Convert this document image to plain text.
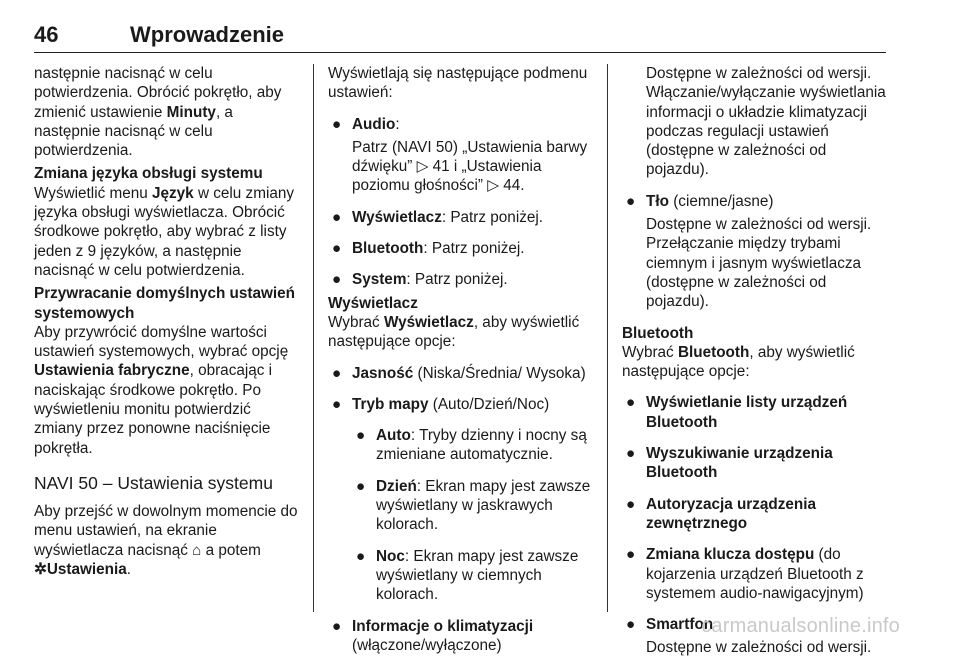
46	Wprowadzenie

następnie nacisnąć w celu potwierdzenia. Obrócić pokrętło, aby zmienić ustawienie Minuty, a następnie nacisnąć w celu potwierdzenia.

Zmiana języka obsługi systemu

Wyświetlić menu Język w celu zmiany języka obsługi wyświetlacza. Obrócić środkowe pokrętło, aby wybrać z listy jeden z 9 języków, a następnie nacisnąć w celu potwierdzenia.

Przywracanie domyślnych ustawień systemowych

Aby przywrócić domyślne wartości ustawień systemowych, wybrać opcję Ustawienia fabryczne, obracając i naciskając środkowe pokrętło. Po wyświetleniu monitu potwierdzić zmiany przez ponowne naciśnięcie pokrętła.

NAVI 50 – Ustawienia systemu

Aby przejść w dowolnym momencie do menu ustawień, na ekranie wyświetlacza nacisnąć ⌂ a potem ✲Ustawienia.

Wyświetlają się następujące podmenu ustawień:

● Audio:

Patrz (NAVI 50) „Ustawienia barwy dźwięku” ▷ 41 i „Ustawienia poziomu głośności” ▷ 44.

● Wyświetlacz: Patrz poniżej.

● Bluetooth: Patrz poniżej.

● System: Patrz poniżej.

Wyświetlacz

Wybrać Wyświetlacz, aby wyświetlić następujące opcje:

● Jasność (Niska/Średnia/ Wysoka)

● Tryb mapy (Auto/Dzień/Noc)

● Auto: Tryby dzienny i nocny są zmieniane automatycznie.

● Dzień: Ekran mapy jest zawsze wyświetlany w jaskrawych kolorach.

● Noc: Ekran mapy jest zawsze wyświetlany w ciemnych kolorach.

● Informacje o klimatyzacji
(włączone/wyłączone)

Dostępne w zależności od wersji. Włączanie/wyłączanie wyświetlania informacji o układzie klimatyzacji podczas regulacji ustawień (dostępne w zależności od pojazdu).

● Tło (ciemne/jasne)

Dostępne w zależności od wersji. Przełączanie między trybami ciemnym i jasnym wyświetlacza (dostępne w zależności od pojazdu).

Bluetooth

Wybrać Bluetooth, aby wyświetlić następujące opcje:

● Wyświetlanie listy urządzeń Bluetooth

● Wyszukiwanie urządzenia Bluetooth

● Autoryzacja urządzenia zewnętrznego

● Zmiana klucza dostępu (do kojarzenia urządzeń Bluetooth z systemem audio-nawigacyjnym)

● Smartfon

Dostępne w zależności od wersji.

carmanualsonline.info
